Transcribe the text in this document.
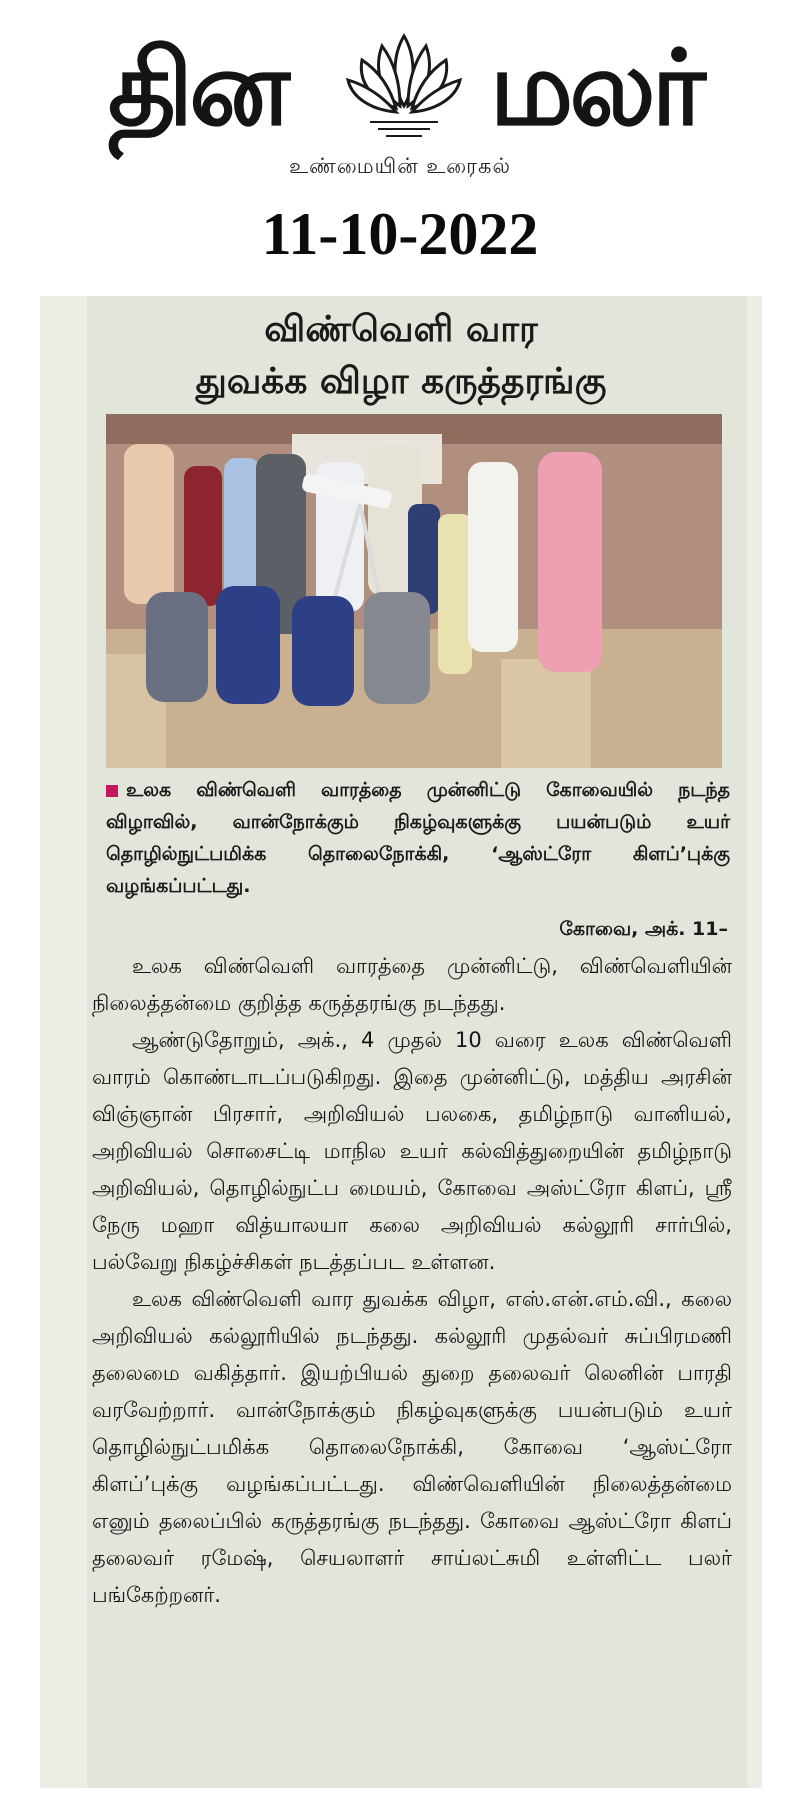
தின	மலர்
உண்மையின் உரைகல்
11-10-2022
விண்வெளி வார
துவக்க விழா கருத்தரங்கு
உலக விண்வெளி வாரத்தை முன்னிட்டு கோவையில் நடந்த விழாவில், வான்நோக்கும் நிகழ்வுகளுக்கு பயன்படும் உயர் தொழில்நுட்பமிக்க தொலைநோக்கி, ‘ஆஸ்ட்ரோ கிளப்’புக்கு வழங்கப்பட்டது.
கோவை, அக். 11–

உலக விண்வெளி வாரத்தை முன்னிட்டு, விண்வெளியின் நிலைத்தன்மை குறித்த கருத்தரங்கு நடந்தது.

ஆண்டுதோறும், அக்., 4 முதல் 10 வரை உலக விண்வெளி வாரம் கொண்டாடப்படுகிறது. இதை முன்னிட்டு, மத்திய அரசின் விஞ்ஞான் பிரசார், அறிவியல் பலகை, தமிழ்நாடு வானியல், அறிவியல் சொசைட்டி மாநில உயர் கல்வித்துறையின் தமிழ்நாடு அறிவியல், தொழில்நுட்ப மையம், கோவை அஸ்ட்ரோ கிளப், ஸ்ரீ நேரு மஹா வித்யாலயா கலை அறிவியல் கல்லூரி சார்பில், பல்வேறு நிகழ்ச்சிகள் நடத்தப்பட உள்ளன.

உலக விண்வெளி வார துவக்க விழா, எஸ்.என்.எம்.வி., கலை அறிவியல் கல்லூரியில் நடந்தது. கல்லூரி முதல்வர் சுப்பிரமணி தலைமை வகித்தார். இயற்பியல் துறை தலைவர் லெனின் பாரதி வரவேற்றார். வான்நோக்கும் நிகழ்வுகளுக்கு பயன்படும் உயர் தொழில்நுட்பமிக்க தொலைநோக்கி, கோவை ‘ஆஸ்ட்ரோ கிளப்’புக்கு வழங்கப்பட்டது. விண்வெளியின் நிலைத்தன்மை எனும் தலைப்பில் கருத்தரங்கு நடந்தது. கோவை ஆஸ்ட்ரோ கிளப் தலைவர் ரமேஷ், செயலாளர் சாய்லட்சுமி உள்ளிட்ட பலர் பங்கேற்றனர்.
